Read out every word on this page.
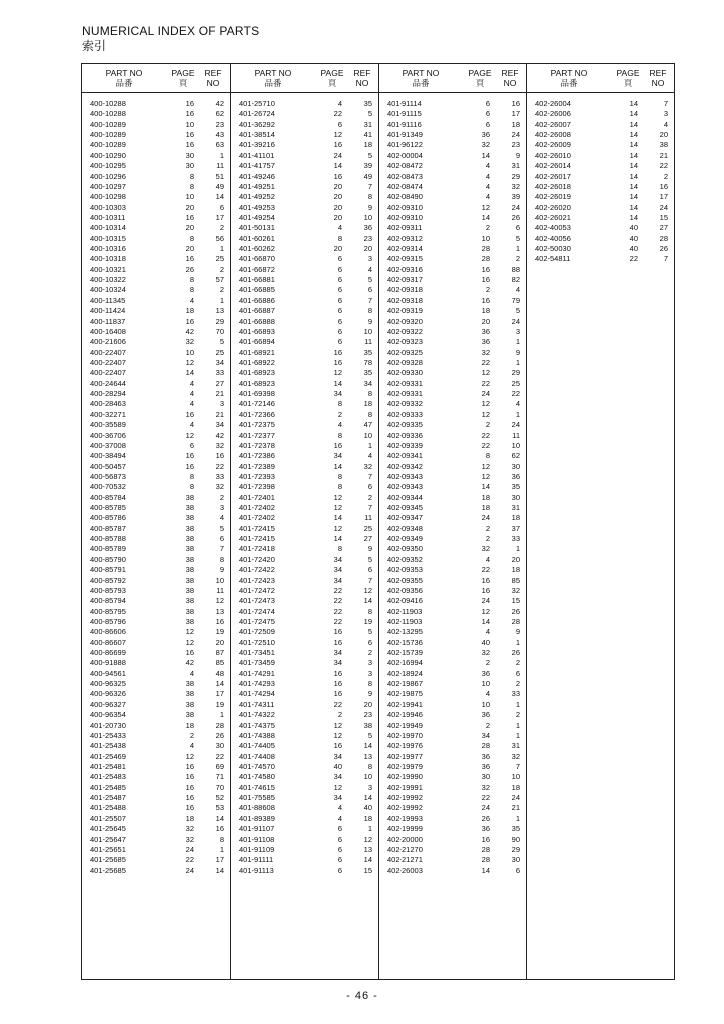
NUMERICAL INDEX OF PARTS
索引
PART NO
品番
PAGE
頁
REF
NO
400-10288	16	42
400-10288	16	62
400-10289	10	23
400-10289	16	43
400-10289	16	63
400-10290	30	1
400-10295	30	11
400-10296	8	51
400-10297	8	49
400-10298	10	14
400-10303	20	6
400-10311	16	17
400-10314	20	2
400-10315	8	56
400-10316	20	1
400-10318	16	25
400-10321	26	2
400-10322	8	57
400-10324	8	2
400-11345	4	1
400-11424	18	13
400-11837	16	29
400-16408	42	70
400-21606	32	5
400-22407	10	25
400-22407	12	34
400-22407	14	33
400-24644	4	27
400-28294	4	21
400-28463	4	3
400-32271	16	21
400-35589	4	34
400-36706	12	42
400-37008	6	32
400-38494	16	16
400-50457	16	22
400-56873	8	33
400-70532	8	32
400-85784	38	2
400-85785	38	3
400-85786	38	4
400-85787	38	5
400-85788	38	6
400-85789	38	7
400-85790	38	8
400-85791	38	9
400-85792	38	10
400-85793	38	11
400-85794	38	12
400-85795	38	13
400-85796	38	16
400-86606	12	19
400-86607	12	20
400-86699	16	87
400-91888	42	85
400-94561	4	48
400-96325	38	14
400-96326	38	17
400-96327	38	19
400-96354	38	1
401-20730	18	28
401-25433	2	26
401-25438	4	30
401-25469	12	22
401-25481	16	69
401-25483	16	71
401-25485	16	70
401-25487	16	52
401-25488	16	53
401-25507	18	14
401-25645	32	16
401-25647	32	8
401-25651	24	1
401-25685	22	17
401-25685	24	14
PART NO
品番
PAGE
頁
REF
NO
401-25710	4	35
401-26724	22	5
401-36292	6	31
401-38514	12	41
401-39216	16	18
401-41101	24	5
401-41757	14	39
401-49246	16	49
401-49251	20	7
401-49252	20	8
401-49253	20	9
401-49254	20	10
401-50131	4	36
401-60261	8	23
401-60262	20	20
401-66870	6	3
401-66872	6	4
401-66881	6	5
401-66885	6	6
401-66886	6	7
401-66887	6	8
401-66888	6	9
401-66893	6	10
401-66894	6	11
401-68921	16	35
401-68922	16	78
401-68923	12	35
401-68923	14	34
401-69398	34	8
401-72146	8	18
401-72366	2	8
401-72375	4	47
401-72377	8	10
401-72378	16	1
401-72386	34	4
401-72389	14	32
401-72393	8	7
401-72398	8	6
401-72401	12	2
401-72402	12	7
401-72402	14	11
401-72415	12	25
401-72415	14	27
401-72418	8	9
401-72420	34	5
401-72422	34	6
401-72423	34	7
401-72472	22	12
401-72473	22	14
401-72474	22	8
401-72475	22	19
401-72509	16	5
401-72510	16	6
401-73451	34	2
401-73459	34	3
401-74291	16	3
401-74293	16	8
401-74294	16	9
401-74311	22	20
401-74322	2	23
401-74375	12	38
401-74388	12	5
401-74405	16	14
401-74408	34	13
401-74570	40	8
401-74580	34	10
401-74615	12	3
401-75585	34	14
401-88608	4	40
401-89389	4	18
401-91107	6	1
401-91108	6	12
401-91109	6	13
401-91111	6	14
401-91113	6	15
PART NO
品番
PAGE
頁
REF
NO
401-91114	6	16
401-91115	6	17
401-91116	6	18
401-91349	36	24
401-96122	32	23
402-00004	14	9
402-08472	4	31
402-08473	4	29
402-08474	4	32
402-08490	4	39
402-09310	12	24
402-09310	14	26
402-09311	2	6
402-09312	10	5
402-09314	28	1
402-09315	28	2
402-09316	16	88
402-09317	16	82
402-09318	2	4
402-09318	16	79
402-09319	18	5
402-09320	20	24
402-09322	36	3
402-09323	36	1
402-09325	32	9
402-09328	22	1
402-09330	12	29
402-09331	22	25
402-09331	24	22
402-09332	12	4
402-09333	12	1
402-09335	2	24
402-09336	22	11
402-09339	22	10
402-09341	8	62
402-09342	12	30
402-09343	12	36
402-09343	14	35
402-09344	18	30
402-09345	18	31
402-09347	24	18
402-09348	2	37
402-09349	2	33
402-09350	32	1
402-09352	4	20
402-09353	22	18
402-09355	16	85
402-09356	16	32
402-09416	24	15
402-11903	12	26
402-11903	14	28
402-13295	4	9
402-15736	40	1
402-15739	32	26
402-16994	2	2
402-18924	36	6
402-19867	10	2
402-19875	4	33
402-19941	10	1
402-19946	36	2
402-19949	2	1
402-19970	34	1
402-19976	28	31
402-19977	36	32
402-19979	36	7
402-19990	30	10
402-19991	32	18
402-19992	22	24
402-19992	24	21
402-19993	26	1
402-19999	36	35
402-20000	16	90
402-21270	28	29
402-21271	28	30
402-26003	14	6
PART NO
品番
PAGE
頁
REF
NO
402-26004	14	7
402-26006	14	3
402-26007	14	4
402-26008	14	20
402-26009	14	38
402-26010	14	21
402-26014	14	22
402-26017	14	2
402-26018	14	16
402-26019	14	17
402-26020	14	24
402-26021	14	15
402-40053	40	27
402-40056	40	28
402-50030	40	26
402-54811	22	7
- 46 -
